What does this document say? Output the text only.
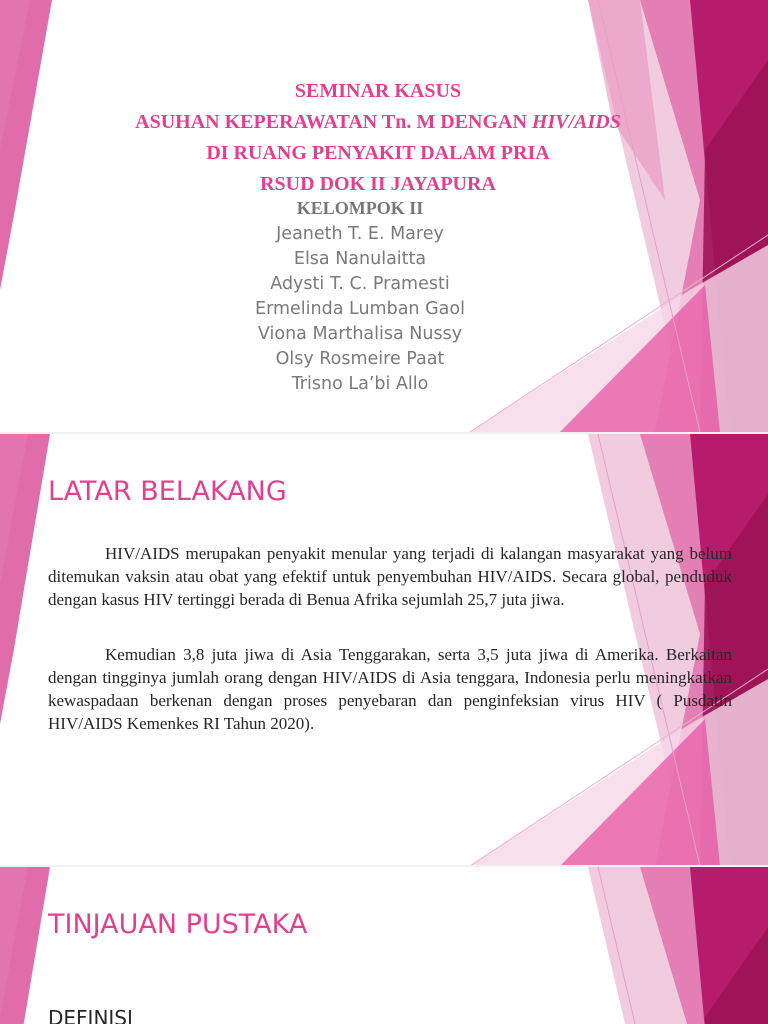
SEMINAR KASUS
ASUHAN KEPERAWATAN Tn. M DENGAN HIV/AIDS
DI RUANG PENYAKIT DALAM PRIA
RSUD DOK II JAYAPURA
KELOMPOK II
Jeaneth T. E. Marey
Elsa Nanulaitta
Adysti T. C. Pramesti
Ermelinda Lumban Gaol
Viona Marthalisa Nussy
Olsy Rosmeire Paat
Trisno La’bi Allo
LATAR BELAKANG

HIV/AIDS merupakan penyakit menular yang terjadi di kalangan masyarakat yang belum ditemukan vaksin atau obat yang efektif untuk penyembuhan HIV/AIDS. Secara global, penduduk dengan kasus HIV tertinggi berada di Benua Afrika sejumlah 25,7 juta jiwa.

Kemudian 3,8 juta jiwa di Asia Tenggarakan, serta 3,5 juta jiwa di Amerika. Berkaitan dengan tingginya jumlah orang dengan HIV/AIDS di Asia tenggara, Indonesia perlu meningkatkan kewaspadaan berkenan dengan proses penyebaran dan penginfeksian virus HIV ( Pusdatin HIV/AIDS Kemenkes RI Tahun 2020).

TINJAUAN PUSTAKA
DEFINISI
